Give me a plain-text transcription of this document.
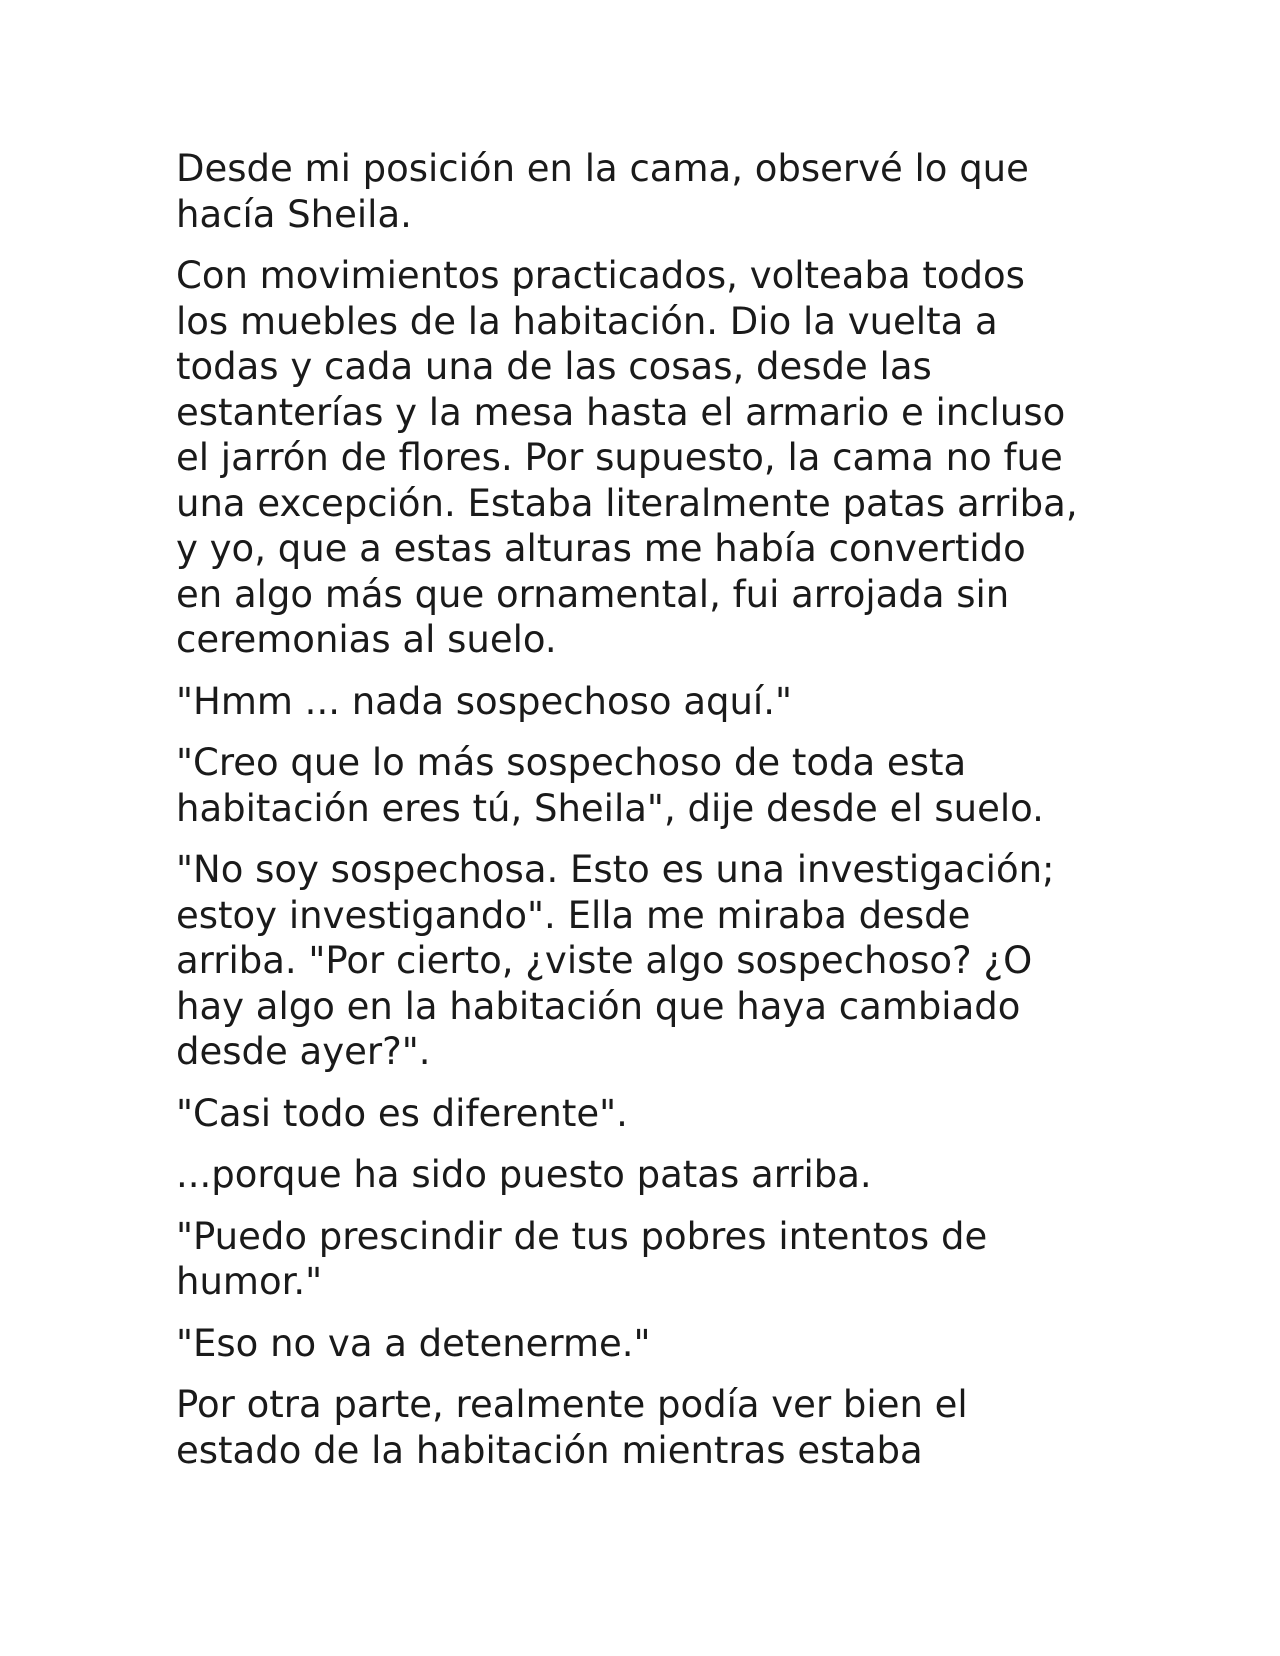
Desde mi posición en la cama, observé lo que
hacía Sheila.

Con movimientos practicados, volteaba todos
los muebles de la habitación. Dio la vuelta a
todas y cada una de las cosas, desde las
estanterías y la mesa hasta el armario e incluso
el jarrón de flores. Por supuesto, la cama no fue
una excepción. Estaba literalmente patas arriba,
y yo, que a estas alturas me había convertido
en algo más que ornamental, fui arrojada sin
ceremonias al suelo.

"Hmm ... nada sospechoso aquí."

"Creo que lo más sospechoso de toda esta
habitación eres tú, Sheila", dije desde el suelo.

"No soy sospechosa. Esto es una investigación;
estoy investigando". Ella me miraba desde
arriba. "Por cierto, ¿viste algo sospechoso? ¿O
hay algo en la habitación que haya cambiado
desde ayer?".

"Casi todo es diferente".

...porque ha sido puesto patas arriba.

"Puedo prescindir de tus pobres intentos de
humor."

"Eso no va a detenerme."

Por otra parte, realmente podía ver bien el
estado de la habitación mientras estaba
